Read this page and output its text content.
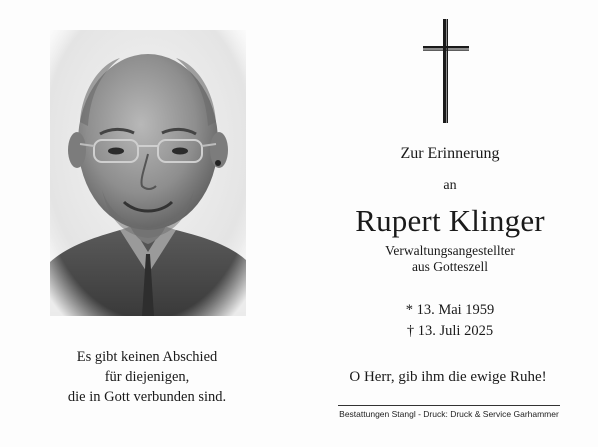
Es gibt keinen Abschied
für diejenigen,
die in Gott verbunden sind.
Zur Erinnerung
an
Rupert Klinger
Verwaltungsangestellter
aus Gotteszell
* 13. Mai 1959
† 13. Juli 2025
O Herr, gib ihm die ewige Ruhe!
Bestattungen Stangl - Druck: Druck & Service Garhammer
